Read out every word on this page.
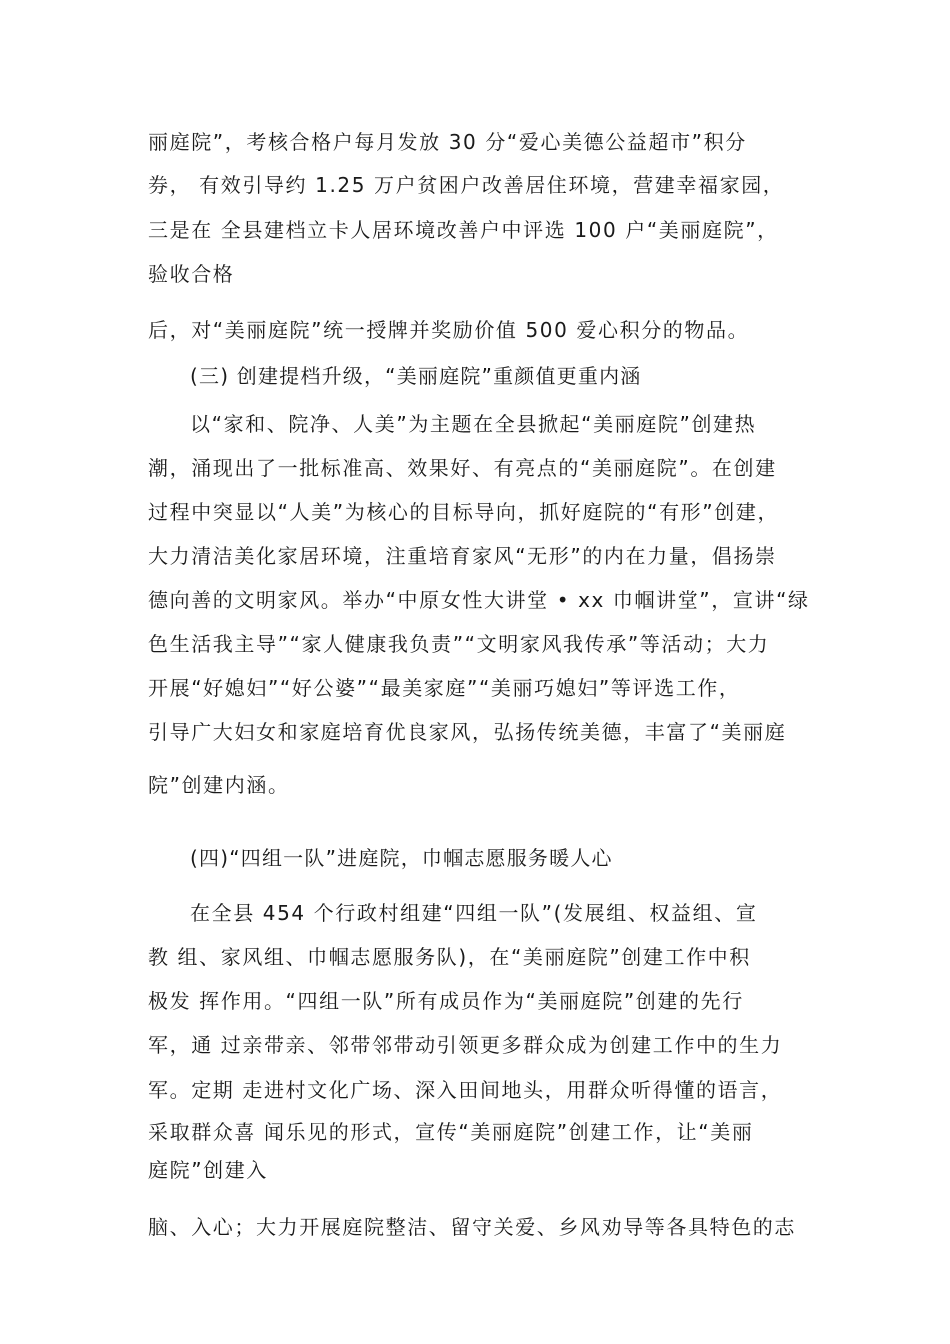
丽庭院”，考核合格户每月发放 30 分“爱心美德公益超市”积分
券， 有效引导约 1.25 万户贫困户改善居住环境，营建幸福家园，
三是在 全县建档立卡人居环境改善户中评选 100 户“美丽庭院”，
验收合格
后，对“美丽庭院”统一授牌并奖励价值 500 爱心积分的物品。
(三) 创建提档升级，“美丽庭院”重颜值更重内涵
以“家和、院净、人美”为主题在全县掀起“美丽庭院”创建热
潮，涌现出了一批标准高、效果好、有亮点的“美丽庭院”。在创建
过程中突显以“人美”为核心的目标导向，抓好庭院的“有形”创建，
大力清洁美化家居环境，注重培育家风“无形”的内在力量，倡扬崇
德向善的文明家风。举办“中原女性大讲堂 • xx 巾帼讲堂”，宣讲“绿
色生活我主导”“家人健康我负责”“文明家风我传承”等活动；大力
开展“好媳妇”“好公婆”“最美家庭”“美丽巧媳妇”等评选工作，
引导广大妇女和家庭培育优良家风，弘扬传统美德，丰富了“美丽庭
院”创建内涵。
(四)“四组一队”进庭院，巾帼志愿服务暖人心
在全县 454 个行政村组建“四组一队”(发展组、权益组、宣
教 组、家风组、巾帼志愿服务队)，在“美丽庭院”创建工作中积
极发 挥作用。“四组一队”所有成员作为“美丽庭院”创建的先行
军，通 过亲带亲、邻带邻带动引领更多群众成为创建工作中的生力
军。定期 走进村文化广场、深入田间地头，用群众听得懂的语言，
采取群众喜 闻乐见的形式，宣传“美丽庭院”创建工作，让“美丽
庭院”创建入
脑、入心；大力开展庭院整洁、留守关爱、乡风劝导等各具特色的志
